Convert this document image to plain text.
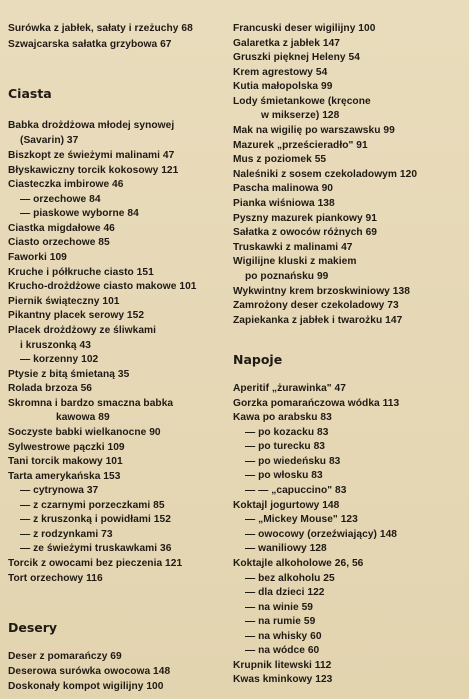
Surówka z jabłek, sałaty i rzeżuchy 68
Szwajcarska sałatka grzybowa 67
Ciasta
Babka drożdżowa młodej synowej
(Savarin) 37
Biszkopt ze świeżymi malinami 47
Błyskawiczny torcik kokosowy 121
Ciasteczka imbirowe 46
— orzechowe 84
— piaskowe wyborne 84
Ciastka migdałowe 46
Ciasto orzechowe 85
Faworki 109
Kruche i półkruche ciasto 151
Krucho-drożdżowe ciasto makowe 101
Piernik świąteczny 101
Pikantny placek serowy 152
Placek drożdżowy ze śliwkami
i kruszonką 43
— korzenny 102
Ptysie z bitą śmietaną 35
Rolada brzoza 56
Skromna i bardzo smaczna babka
kawowa 89
Soczyste babki wielkanocne 90
Sylwestrowe pączki 109
Tani torcik makowy 101
Tarta amerykańska 153
— cytrynowa 37
— z czarnymi porzeczkami 85
— z kruszonką i powidłami 152
— z rodzynkami 73
— ze świeżymi truskawkami 36
Torcik z owocami bez pieczenia 121
Tort orzechowy 116
Desery
Deser z pomarańczy 69
Deserowa surówka owocowa 148
Doskonały kompot wigilijny 100
Francuski deser wigilijny 100
Galaretka z jabłek 147
Gruszki pięknej Heleny 54
Krem agrestowy 54
Kutia małopolska 99
Lody śmietankowe (kręcone
w mikserze) 128
Mak na wigilię po warszawsku 99
Mazurek „prześcieradło" 91
Mus z poziomek 55
Naleśniki z sosem czekoladowym 120
Pascha malinowa 90
Pianka wiśniowa 138
Pyszny mazurek piankowy 91
Sałatka z owoców różnych 69
Truskawki z malinami 47
Wigilijne kluski z makiem
po poznańsku 99
Wykwintny krem brzoskwiniowy 138
Zamrożony deser czekoladowy 73
Zapiekanka z jabłek i twarożku 147
Napoje
Aperitif „żurawinka" 47
Gorzka pomarańczowa wódka 113
Kawa po arabsku 83
— po kozacku 83
— po turecku 83
— po wiedeńsku 83
— po włosku 83
— — „capuccino" 83
Koktajl jogurtowy 148
— „Mickey Mouse" 123
— owocowy (orzeźwiający) 148
— waniliowy 128
Koktajle alkoholowe 26, 56
— bez alkoholu 25
— dla dzieci 122
— na winie 59
— na rumie 59
— na whisky 60
— na wódce 60
Krupnik litewski 112
Kwas kminkowy 123
